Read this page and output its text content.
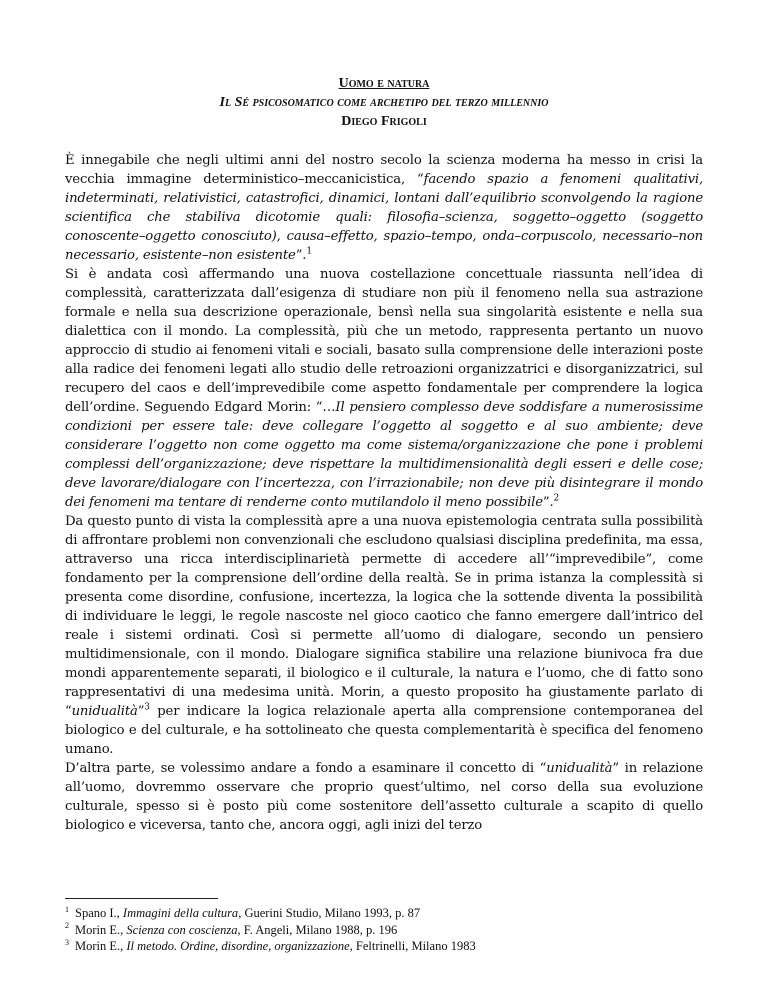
Uomo e natura
Il Sé psicosomatico come archetipo del terzo millennio
Diego Frigoli

È innegabile che negli ultimi anni del nostro secolo la scienza moderna ha messo in crisi la vecchia immagine deterministico–meccanicistica, “facendo spazio a fenomeni qualitativi, indeterminati, relativistici, catastrofici, dinamici, lontani dall’equilibrio sconvolgendo la ragione scientifica che stabiliva dicotomie quali: filosofia–scienza, soggetto–oggetto (soggetto conoscente–oggetto conosciuto), causa–effetto, spazio–tempo, onda–corpuscolo, necessario–non necessario, esistente–non esistente”.$^1$

Si è andata così affermando una nuova costellazione concettuale riassunta nell’idea di complessità, caratterizzata dall’esigenza di studiare non più il fenomeno nella sua astrazione formale e nella sua descrizione operazionale, bensì nella sua singolarità esistente e nella sua dialettica con il mondo. La complessità, più che un metodo, rappresenta pertanto un nuovo approccio di studio ai fenomeni vitali e sociali, basato sulla comprensione delle interazioni poste alla radice dei fenomeni legati allo studio delle retroazioni organizzatrici e disorganizzatrici, sul recupero del caos e dell’imprevedibile come aspetto fondamentale per comprendere la logica dell’ordine. Seguendo Edgard Morin: “…Il pensiero complesso deve soddisfare a numerosissime condizioni per essere tale: deve collegare l’oggetto al soggetto e al suo ambiente; deve considerare l’oggetto non come oggetto ma come sistema/organizzazione che pone i problemi complessi dell’organizzazione; deve rispettare la multidimensionalità degli esseri e delle cose; deve lavorare/dialogare con l’incertezza, con l’irrazionabile; non deve più disintegrare il mondo dei fenomeni ma tentare di renderne conto mutilandolo il meno possibile”.$^2$

Da questo punto di vista la complessità apre a una nuova epistemologia centrata sulla possibilità di affrontare problemi non convenzionali che escludono qualsiasi disciplina predefinita, ma essa, attraverso una ricca interdisciplinarietà permette di accedere all’“imprevedibile”, come fondamento per la comprensione dell’ordine della realtà. Se in prima istanza la complessità si presenta come disordine, confusione, incertezza, la logica che la sottende diventa la possibilità di individuare le leggi, le regole nascoste nel gioco caotico che fanno emergere dall’intrico del reale i sistemi ordinati. Così si permette all’uomo di dialogare, secondo un pensiero multidimensionale, con il mondo. Dialogare significa stabilire una relazione biunivoca fra due mondi apparentemente separati, il biologico e il culturale, la natura e l’uomo, che di fatto sono rappresentativi di una medesima unità. Morin, a questo proposito ha giustamente parlato di “unidualità”$^3$ per indicare la logica relazionale aperta alla comprensione contemporanea del biologico e del culturale, e ha sottolineato che questa complementarità è specifica del fenomeno umano.

D’altra parte, se volessimo andare a fondo a esaminare il concetto di “unidualità” in relazione all’uomo, dovremmo osservare che proprio quest’ultimo, nel corso della sua evoluzione culturale, spesso si è posto più come sostenitore dell’assetto culturale a scapito di quello biologico e viceversa, tanto che, ancora oggi, agli inizi del terzo

$^1$ Spano I., Immagini della cultura, Guerini Studio, Milano 1993, p. 87
$^2$ Morin E., Scienza con coscienza, F. Angeli, Milano 1988, p. 196
$^3$ Morin E., Il metodo. Ordine, disordine, organizzazione, Feltrinelli, Milano 1983
